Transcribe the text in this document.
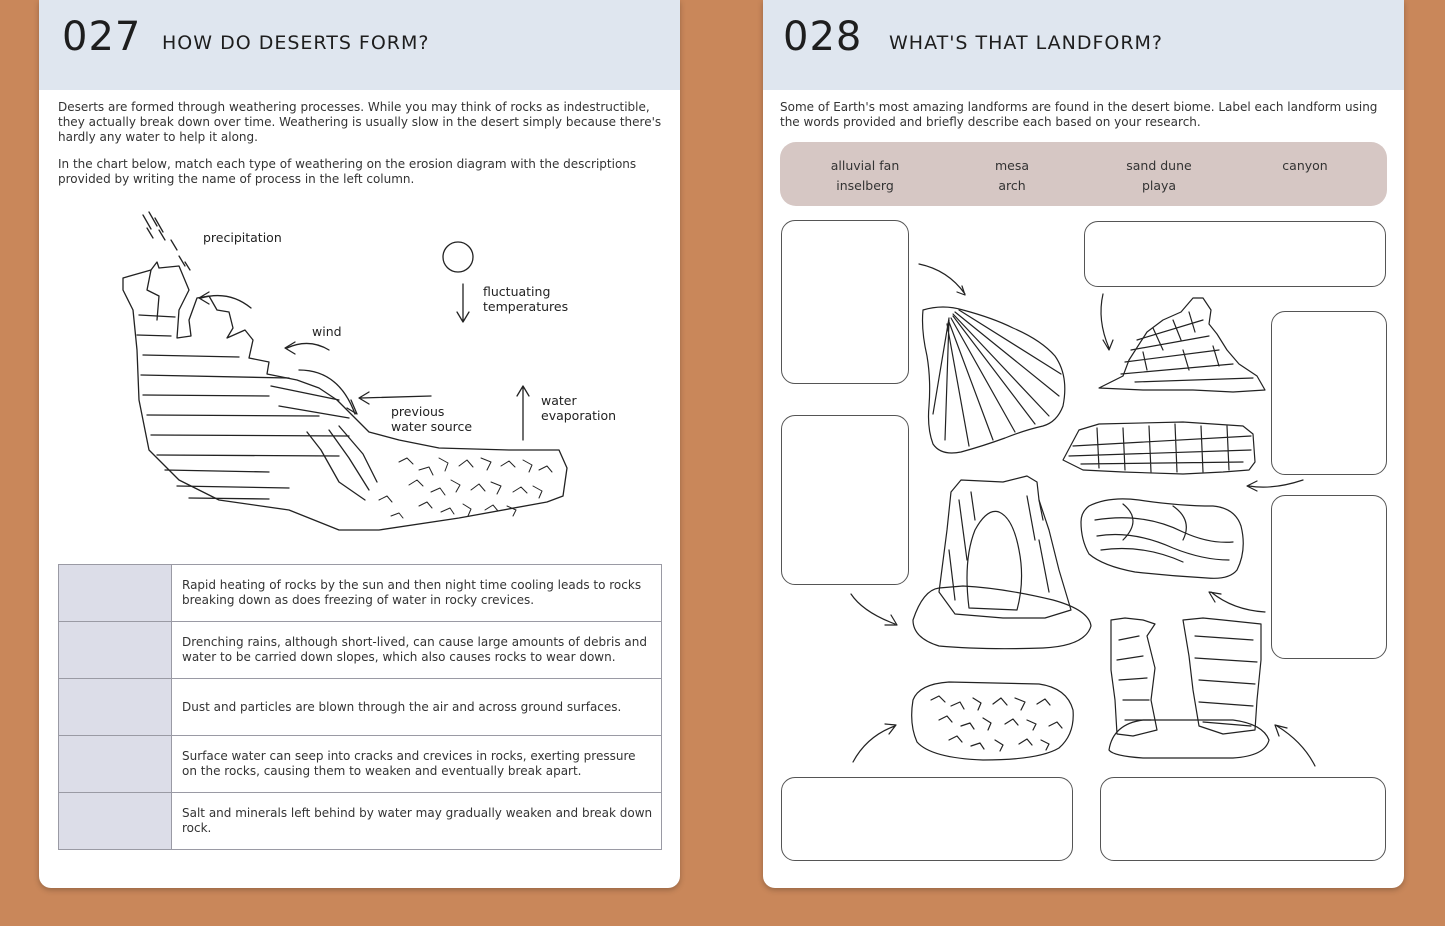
027 HOW DO DESERTS FORM?
Deserts are formed through weathering processes. While you may think of rocks as indestructible, they actually break down over time. Weathering is usually slow in the desert simply because there's hardly any water to help it along.
In the chart below, match each type of weathering on the erosion diagram with the descriptions provided by writing the name of process in the left column.
precipitation
wind
fluctuating temperatures
previous water source
water evaporation
	Rapid heating of rocks by the sun and then night time cooling leads to rocks breaking down as does freezing of water in rocky crevices.
	Drenching rains, although short-lived, can cause large amounts of debris and water to be carried down slopes, which also causes rocks to wear down.
	Dust and particles are blown through the air and across ground surfaces.
	Surface water can seep into cracks and crevices in rocks, exerting pressure on the rocks, causing them to weaken and eventually break apart.
	Salt and minerals left behind by water may gradually weaken and break down rock.
028 WHAT'S THAT LANDFORM?
Some of Earth's most amazing landforms are found in the desert biome. Label each landform using the words provided and briefly describe each based on your research.
alluvial fan	mesa	sand dune	canyon
inselberg	arch	playa
